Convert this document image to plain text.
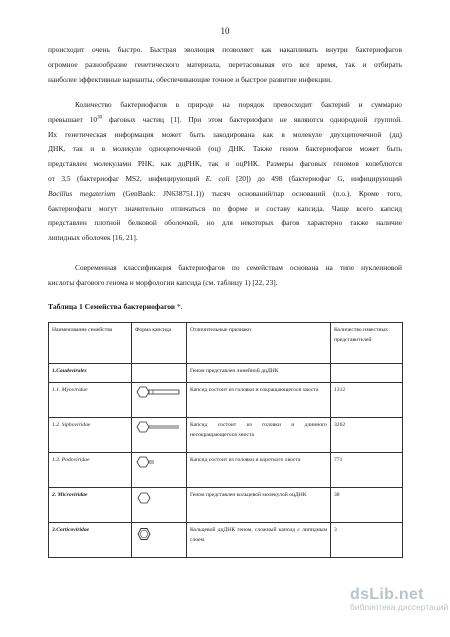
10

происходит очень быстро. Быстрая эволюция позволяет как накапливать внутри бактериофагов
огромное разнообразие генетического материала, перетасовывая его все время, так и отбирать
наиболее эффективные варианты, обеспечивающие точное и быстрое развитие инфекции.

Количество бактериофагов в природе на порядок превосходит бактерий и суммарно
превышает $10^{30}$ фаговых частиц [1]. При этом бактериофаги не являются однородной группой.
Их генетическая информация может быть закодирована как в молекуле двухцепочечной (дц)
ДНК, так и в молекуле одноцепочечной (оц) ДНК. Также геном бактериофагов может быть
представлен молекулами РНК, как дцРНК, так и оцРНК. Размеры фаговых геномов колеблются
от 3,5 (бактериофаг MS2, инфицирующий E. coli [20]) до 498 (бактериофаг G, инфицирующий
Bacillus megaterium (GenBank: JN638751.1)) тысяч оснований/пар оснований (п.о.). Кроме того,
бактериофаги могут значительно отличаться по форме и составу капсида. Чаще всего капсид
представлен плотной белковой оболочкой, но для некоторых фагов характерно также наличие
липидных оболочек [16, 21].

Современная классификация бактериофагов по семействам основана на типе нуклеиновой
кислоты фагового генома и морфологии капсида (см. таблицу 1) [22, 23].

Таблица 1 Семейства бактериофагов *.
Наименование семейства	Форма капсида	Отличительные признаки	Количество известных представителей
1.Caudovirales		Геном представлен линейной дцДНК	
1.1. Myoviridae		Капсид состоит из головки и сокращающегося хвоста	1312
1.2. Siphoviridae		Капсид состоит из головки и длинного несокращающегося хвоста	3262
1.3. Podoviridae		Капсид состоит из головки и короткого хвоста	771
2. Microviridae		Геном представлен кольцевой молекулой оцДНК	38
3.Corticoviridae		Кольцевой дцДНК геном, сложный капсид с липидным слоем	3
dsLib.net
библиотека диссертаций
